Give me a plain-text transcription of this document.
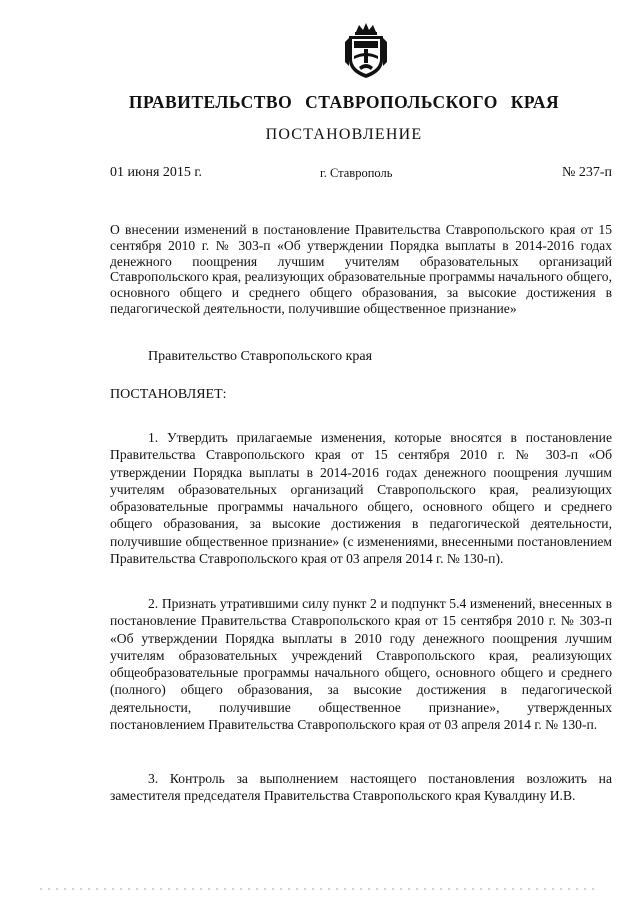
ПРАВИТЕЛЬСТВО СТАВРОПОЛЬСКОГО КРАЯ
ПОСТАНОВЛЕНИЕ
01 июня 2015 г.	г. Ставрополь	№ 237-п
О внесении изменений в постановление Правительства Ставропольского края от 15 сентября 2010 г. № 303-п «Об утверждении Порядка выплаты в 2014-2016 годах денежного поощрения лучшим учителям образовательных организаций Ставропольского края, реализующих образовательные программы начального общего, основного общего и среднего общего образования, за высокие достижения в педагогической деятельности, получившие общественное признание»
Правительство Ставропольского края
ПОСТАНОВЛЯЕТ:

1. Утвердить прилагаемые изменения, которые вносятся в постановление Правительства Ставропольского края от 15 сентября 2010 г. № 303-п «Об утверждении Порядка выплаты в 2014-2016 годах денежного поощрения лучшим учителям образовательных организаций Ставропольского края, реализующих образовательные программы начального общего, основного общего и среднего общего образования, за высокие достижения в педагогической деятельности, получившие общественное признание» (с изменениями, внесенными постановлением Правительства Ставропольского края от 03 апреля 2014 г. № 130-п).

2. Признать утратившими силу пункт 2 и подпункт 5.4 изменений, внесенных в постановление Правительства Ставропольского края от 15 сентября 2010 г. № 303-п «Об утверждении Порядка выплаты в 2010 году денежного поощрения лучшим учителям образовательных учреждений Ставропольского края, реализующих общеобразовательные программы начального общего, основного общего и среднего (полного) общего образования, за высокие достижения в педагогической деятельности, получившие общественное признание», утвержденных постановлением Правительства Ставропольского края от 03 апреля 2014 г. № 130-п.

3. Контроль за выполнением настоящего постановления возложить на заместителя председателя Правительства Ставропольского края Кувалдину И.В.
